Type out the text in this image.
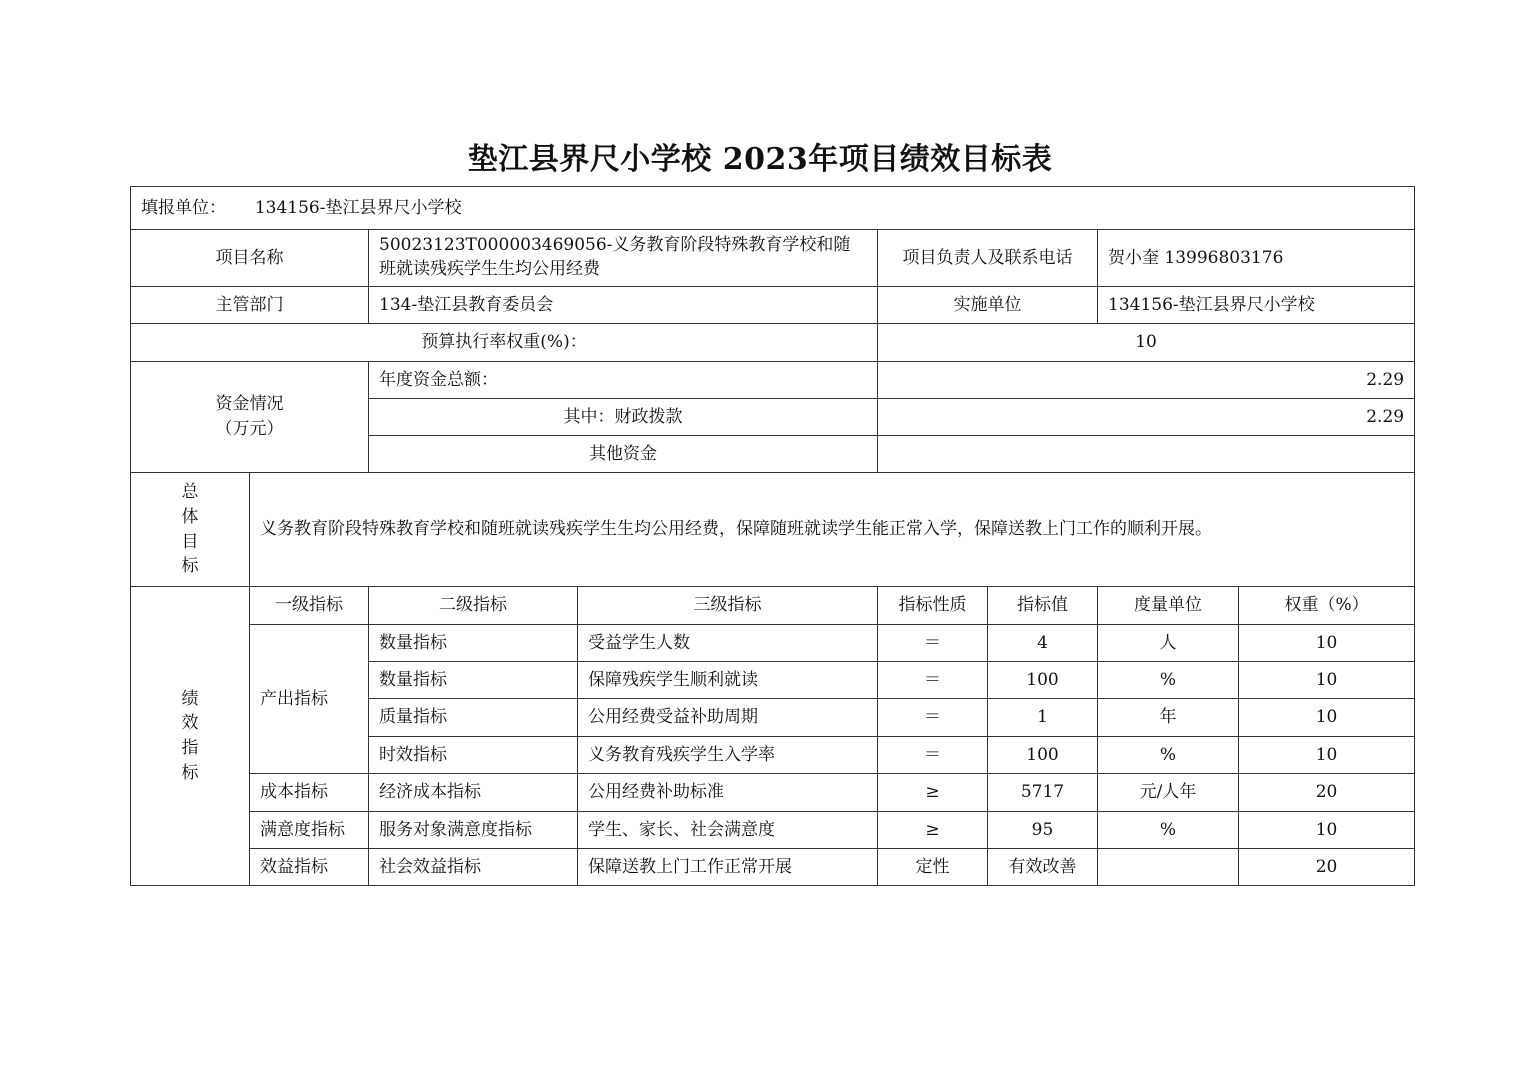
垫江县界尺小学校 2023年项目绩效目标表
填报单位： 134156-垫江县界尺小学校							
项目名称		50023123T000003469056-义务教育阶段特殊教育学校和随班就读残疾学生生均公用经费		项目负责人及联系电话		贺小奎 13996803176	
主管部门		134-垫江县教育委员会		实施单位		134156-垫江县界尺小学校	
预算执行率权重(%)：				10			

资金情况
（万元）		年度资金总额：		2.29			
		其中：财政拨款		2.29			
		其他资金					

总
体
目
标	义务教育阶段特殊教育学校和随班就读残疾学生生均公用经费，保障随班就读学生能正常入学，保障送教上门工作的顺利开展。						

绩
效
指
标	一级指标	二级指标	三级指标	指标性质	指标值	度量单位	权重（%）
	产出指标	数量指标	受益学生人数	＝	4	人	10
		数量指标	保障残疾学生顺利就读	＝	100	%	10
		质量指标	公用经费受益补助周期	＝	1	年	10
		时效指标	义务教育残疾学生入学率	＝	100	%	10
	成本指标	经济成本指标	公用经费补助标准	≥	5717	元/人年	20
	满意度指标	服务对象满意度指标	学生、家长、社会满意度	≥	95	%	10
	效益指标	社会效益指标	保障送教上门工作正常开展	定性	有效改善		20
